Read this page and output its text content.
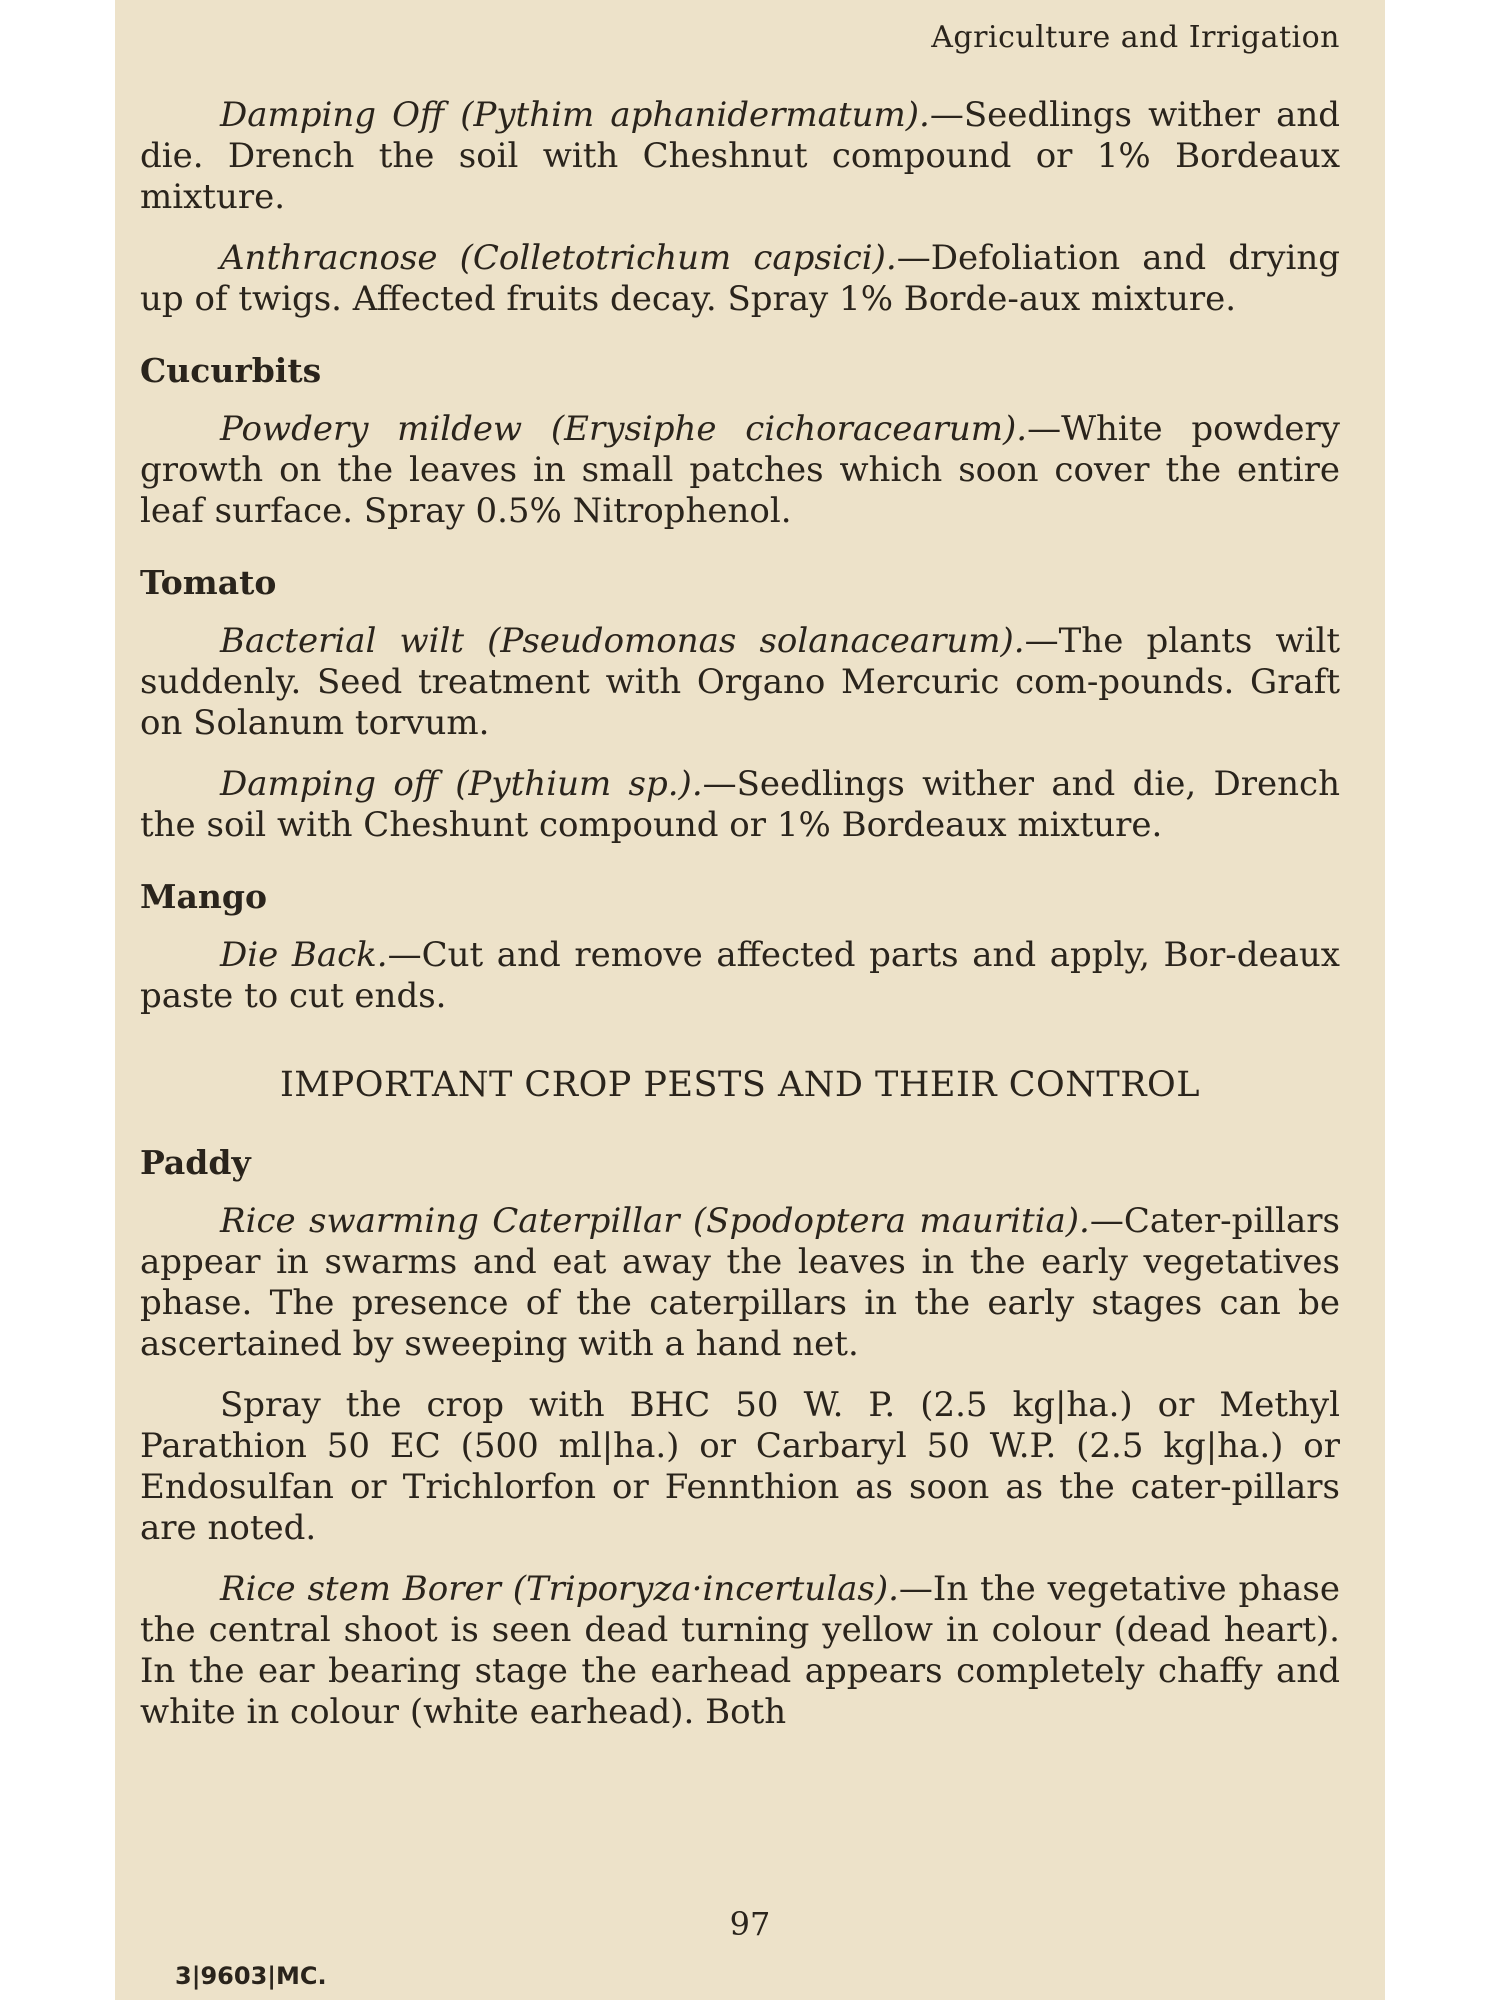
Agriculture and Irrigation

Damping Off (Pythim aphanidermatum).—Seedlings wither and die. Drench the soil with Cheshnut compound or 1% Bordeaux mixture.

Anthracnose (Colletotrichum capsici).—Defoliation and drying up of twigs. Affected fruits decay. Spray 1% Borde-aux mixture.

Cucurbits

Powdery mildew (Erysiphe cichoracearum).—White powdery growth on the leaves in small patches which soon cover the entire leaf surface. Spray 0.5% Nitrophenol.

Tomato

Bacterial wilt (Pseudomonas solanacearum).—The plants wilt suddenly. Seed treatment with Organo Mercuric com-pounds. Graft on Solanum torvum.

Damping off (Pythium sp.).—Seedlings wither and die, Drench the soil with Cheshunt compound or 1% Bordeaux mixture.

Mango

Die Back.—Cut and remove affected parts and apply, Bor-deaux paste to cut ends.

IMPORTANT CROP PESTS AND THEIR CONTROL
Paddy

Rice swarming Caterpillar (Spodoptera mauritia).—Cater-pillars appear in swarms and eat away the leaves in the early vegetatives phase. The presence of the caterpillars in the early stages can be ascertained by sweeping with a hand net.

Spray the crop with BHC 50 W. P. (2.5 kg|ha.) or Methyl Parathion 50 EC (500 ml|ha.) or Carbaryl 50 W.P. (2.5 kg|ha.) or Endosulfan or Trichlorfon or Fennthion as soon as the cater-pillars are noted.

Rice stem Borer (Triporyza·incertulas).—In the vegetative phase the central shoot is seen dead turning yellow in colour (dead heart). In the ear bearing stage the earhead appears completely chaffy and white in colour (white earhead). Both

97
3|9603|MC.
